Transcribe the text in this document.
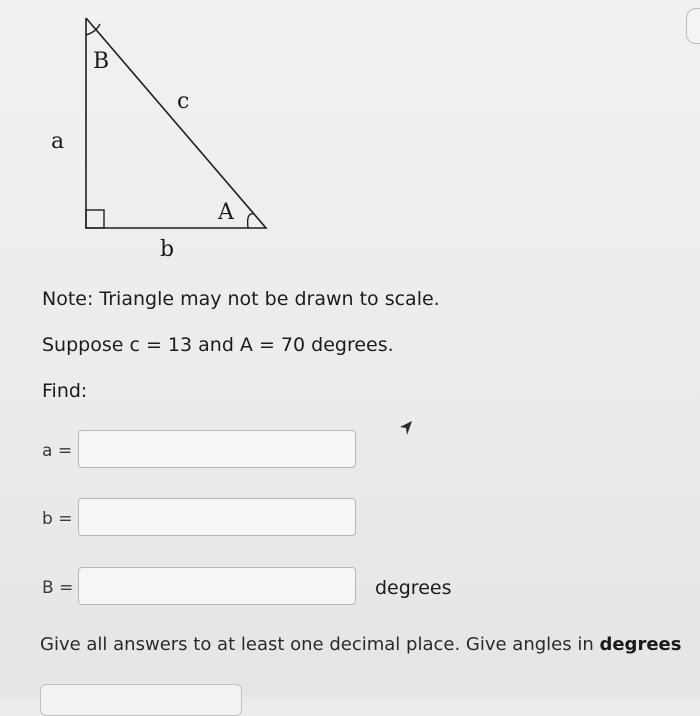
B
c
a
A
b
Note: Triangle may not be drawn to scale.
Suppose c = 13 and A = 70 degrees.
Find:
a =
b =
B =	degrees
Give all answers to at least one decimal place. Give angles in degrees
